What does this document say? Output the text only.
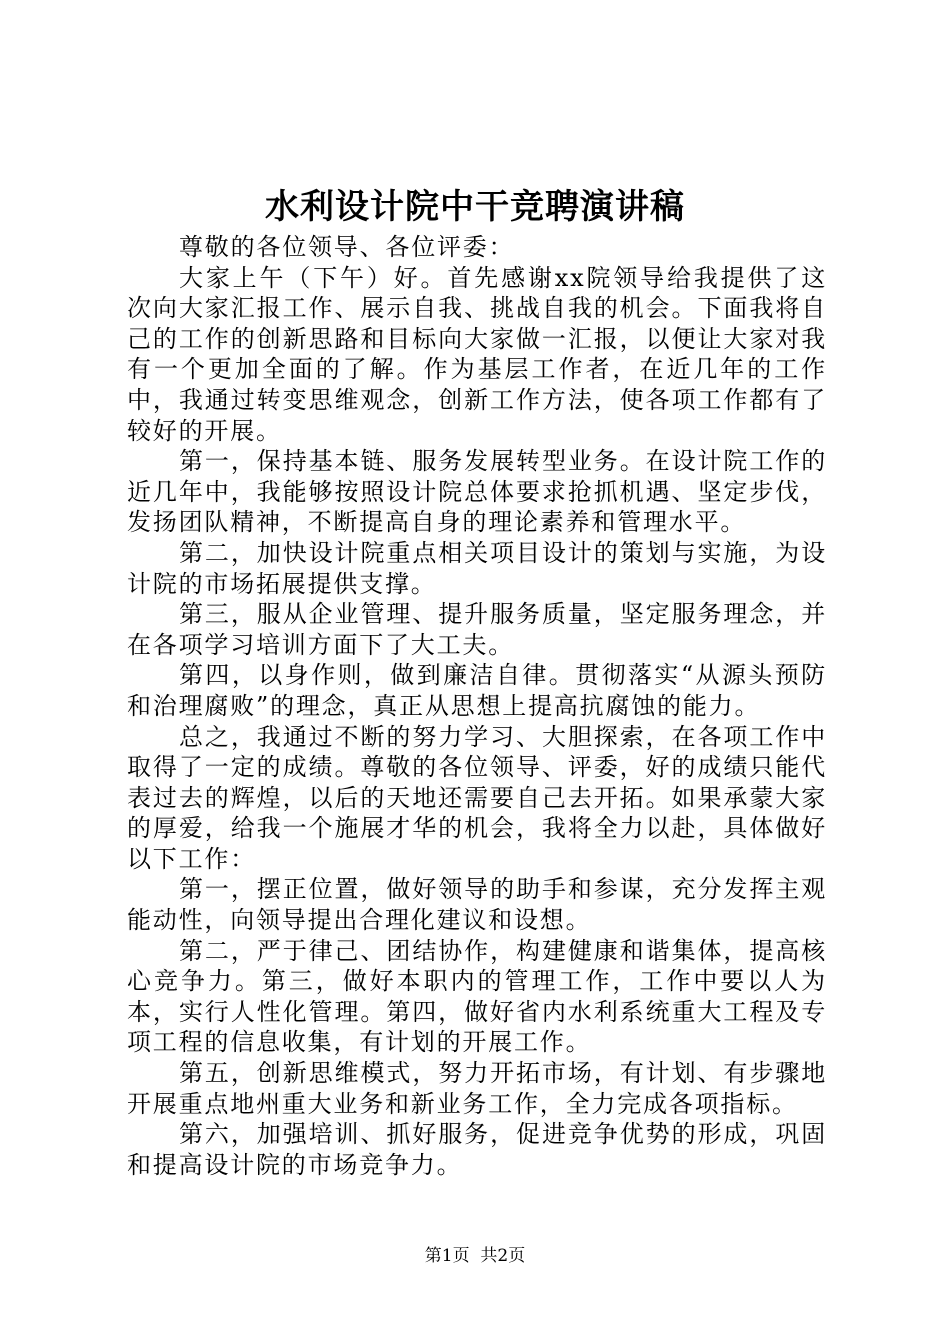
水利设计院中干竞聘演讲稿

尊敬的各位领导、各位评委：

大家上午（下午）好。首先感谢xx院领导给我提供了这次向大家汇报工作、展示自我、挑战自我的机会。下面我将自己的工作的创新思路和目标向大家做一汇报，以便让大家对我有一个更加全面的了解。作为基层工作者，在近几年的工作中，我通过转变思维观念，创新工作方法，使各项工作都有了较好的开展。

第一，保持基本链、服务发展转型业务。在设计院工作的近几年中，我能够按照设计院总体要求抢抓机遇、坚定步伐，发扬团队精神，不断提高自身的理论素养和管理水平。

第二，加快设计院重点相关项目设计的策划与实施，为设计院的市场拓展提供支撑。

第三，服从企业管理、提升服务质量，坚定服务理念，并在各项学习培训方面下了大工夫。

第四，以身作则，做到廉洁自律。贯彻落实“从源头预防和治理腐败”的理念，真正从思想上提高抗腐蚀的能力。

总之，我通过不断的努力学习、大胆探索，在各项工作中取得了一定的成绩。尊敬的各位领导、评委，好的成绩只能代表过去的辉煌，以后的天地还需要自己去开拓。如果承蒙大家的厚爱，给我一个施展才华的机会，我将全力以赴，具体做好以下工作：

第一，摆正位置，做好领导的助手和参谋，充分发挥主观能动性，向领导提出合理化建议和设想。

第二，严于律己、团结协作，构建健康和谐集体，提高核心竞争力。第三，做好本职内的管理工作，工作中要以人为本，实行人性化管理。第四，做好省内水利系统重大工程及专项工程的信息收集，有计划的开展工作。

第五，创新思维模式，努力开拓市场，有计划、有步骤地开展重点地州重大业务和新业务工作，全力完成各项指标。

第六，加强培训、抓好服务，促进竞争优势的形成，巩固和提高设计院的市场竞争力。

第1页 共2页
